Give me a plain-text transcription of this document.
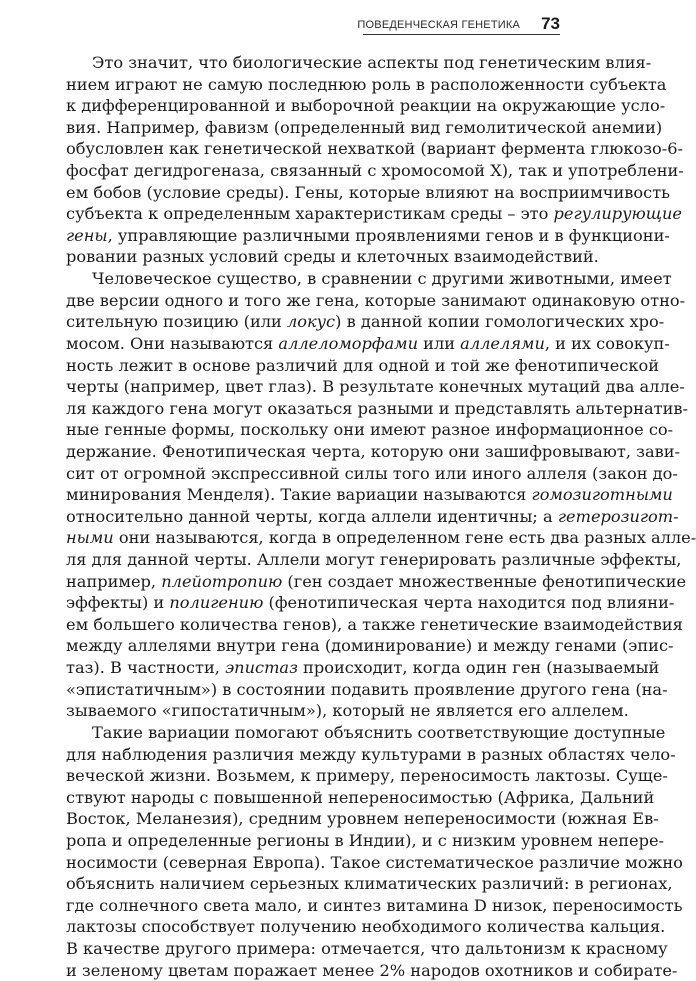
ПОВЕДЕНЧЕСКАЯ ГЕНЕТИКА 73
Это значит, что биологические аспекты под генетическим влия-
нием играют не самую последнюю роль в расположенности субъекта
к дифференцированной и выборочной реакции на окружающие усло-
вия. Например, фавизм (определенный вид гемолитической анемии)
обусловлен как генетической нехваткой (вариант фермента глюкозо-6-
фосфат дегидрогеназа, связанный с хромосомой X), так и употреблени-
ем бобов (условие среды). Гены, которые влияют на восприимчивость
субъекта к определенным характеристикам среды – это регулирующие
гены, управляющие различными проявлениями генов и в функциони-
ровании разных условий среды и клеточных взаимодействий.
Человеческое существо, в сравнении с другими животными, имеет
две версии одного и того же гена, которые занимают одинаковую отно-
сительную позицию (или локус) в данной копии гомологических хро-
мосом. Они называются аллеломорфами или аллелями, и их совокуп-
ность лежит в основе различий для одной и той же фенотипической
черты (например, цвет глаз). В результате конечных мутаций два алле-
ля каждого гена могут оказаться разными и представлять альтернатив-
ные генные формы, поскольку они имеют разное информационное со-
держание. Фенотипическая черта, которую они зашифровывают, зави-
сит от огромной экспрессивной силы того или иного аллеля (закон до-
минирования Менделя). Такие вариации называются гомозиготными
относительно данной черты, когда аллели идентичны; а гетерозигот-
ными они называются, когда в определенном гене есть два разных алле-
ля для данной черты. Аллели могут генерировать различные эффекты,
например, плейотропию (ген создает множественные фенотипические
эффекты) и полигению (фенотипическая черта находится под влияни-
ем большего количества генов), а также генетические взаимодействия
между аллелями внутри гена (доминирование) и между генами (эпис-
таз). В частности, эпистаз происходит, когда один ген (называемый
«эпистатичным») в состоянии подавить проявление другого гена (на-
зываемого «гипостатичным»), который не является его аллелем.
Такие вариации помогают объяснить соответствующие доступные
для наблюдения различия между культурами в разных областях чело-
веческой жизни. Возьмем, к примеру, переносимость лактозы. Суще-
ствуют народы с повышенной непереносимостью (Африка, Дальний
Восток, Меланезия), средним уровнем непереносимости (южная Ев-
ропа и определенные регионы в Индии), и с низким уровнем непере-
носимости (северная Европа). Такое систематическое различие можно
объяснить наличием серьезных климатических различий: в регионах,
где солнечного света мало, и синтез витамина D низок, переносимость
лактозы способствует получению необходимого количества кальция.
В качестве другого примера: отмечается, что дальтонизм к красному
и зеленому цветам поражает менее 2% народов охотников и собирате-
